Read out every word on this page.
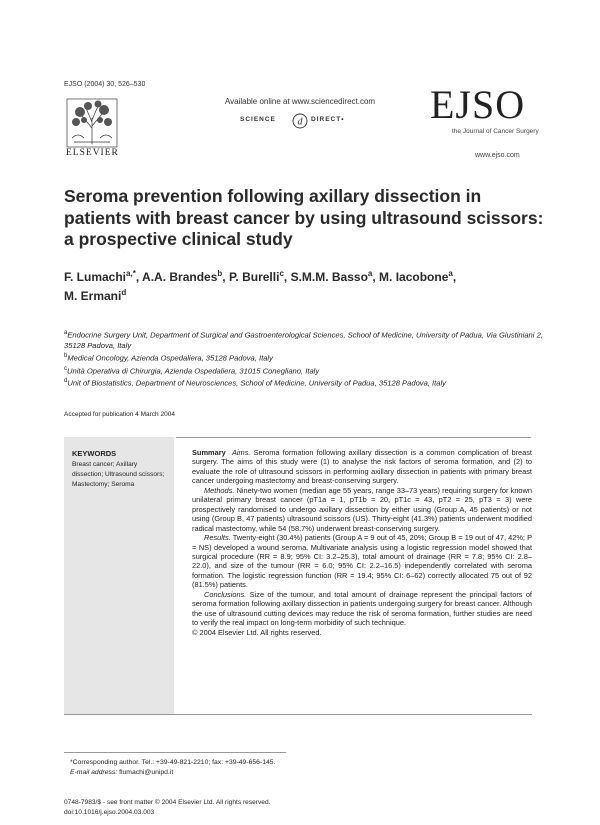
EJSO (2004) 30, 526–530
ELSEVIER
Available online at www.sciencedirect.com
d
SCIENCE	DIRECT• EJSO
the Journal of Cancer Surgery
www.ejso.com
Seroma prevention following axillary dissection in patients with breast cancer by using ultrasound scissors: a prospective clinical study
F. Lumachi$^{a,*}$, A.A. Brandes$^b$, P. Burelli$^c$, S.M.M. Basso$^a$, M. Iacobone$^a$,
M. Ermani$^d$
$^a$Endocrine Surgery Unit, Department of Surgical and Gastroenterological Sciences, School of Medicine, University of Padua, Via Giustiniani 2, 35128 Padova, Italy
$^b$Medical Oncology, Azienda Ospedaliera, 35128 Padova, Italy
$^c$Unità Operativa di Chirurgia, Azienda Ospedaliera, 31015 Conegliano, Italy
$^d$Unit of Biostatistics, Department of Neurosciences, School of Medicine, University of Padua, 35128 Padova, Italy
Accepted for publication 4 March 2004
KEYWORDS
Breast cancer; Axillary dissection; Ultrasound scissors; Mastectomy; Seroma

Summary Aims. Seroma formation following axillary dissection is a common complication of breast surgery. The aims of this study were (1) to analyse the risk factors of seroma formation, and (2) to evaluate the role of ultrasound scissors in performing axillary dissection in patients with primary breast cancer undergoing mastectomy and breast-conserving surgery.

Methods. Ninety-two women (median age 55 years, range 33–73 years) requiring surgery for known unilateral primary breast cancer (pT1a = 1, pT1b = 20, pT1c = 43, pT2 = 25, pT3 = 3) were prospectively randomised to undergo axillary dissection by either using (Group A, 45 patients) or not using (Group B, 47 patients) ultrasound scissors (US). Thirty-eight (41.3%) patients underwent modified radical mastectomy, while 54 (58.7%) underwent breast-conserving surgery.

Results. Twenty-eight (30.4%) patients (Group A = 9 out of 45, 20%; Group B = 19 out of 47, 42%; P = NS) developed a wound seroma. Multivariate analysis using a logistic regression model showed that surgical procedure (RR = 8.9; 95% CI: 3.2–25.3), total amount of drainage (RR = 7.8; 95% CI: 2.8–22.0), and size of the tumour (RR = 6.0; 95% CI: 2.2–16.5) independently correlated with seroma formation. The logistic regression function (RR = 19.4; 95% CI: 6–62) correctly allocated 75 out of 92 (81.5%) patients.

Conclusions. Size of the tumour, and total amount of drainage represent the principal factors of seroma formation following axillary dissection in patients undergoing surgery for breast cancer. Although the use of ultrasound cutting devices may reduce the risk of seroma formation, further studies are need to verify the real impact on long-term morbidity of such technique.

© 2004 Elsevier Ltd. All rights reserved.

*Corresponding author. Tel.: +39-49-821-2210; fax: +39-49-656-145.
E-mail address: flumachi@unipd.it
0748-7983/$ - see front matter © 2004 Elsevier Ltd. All rights reserved.
doi:10.1016/j.ejso.2004.03.003
